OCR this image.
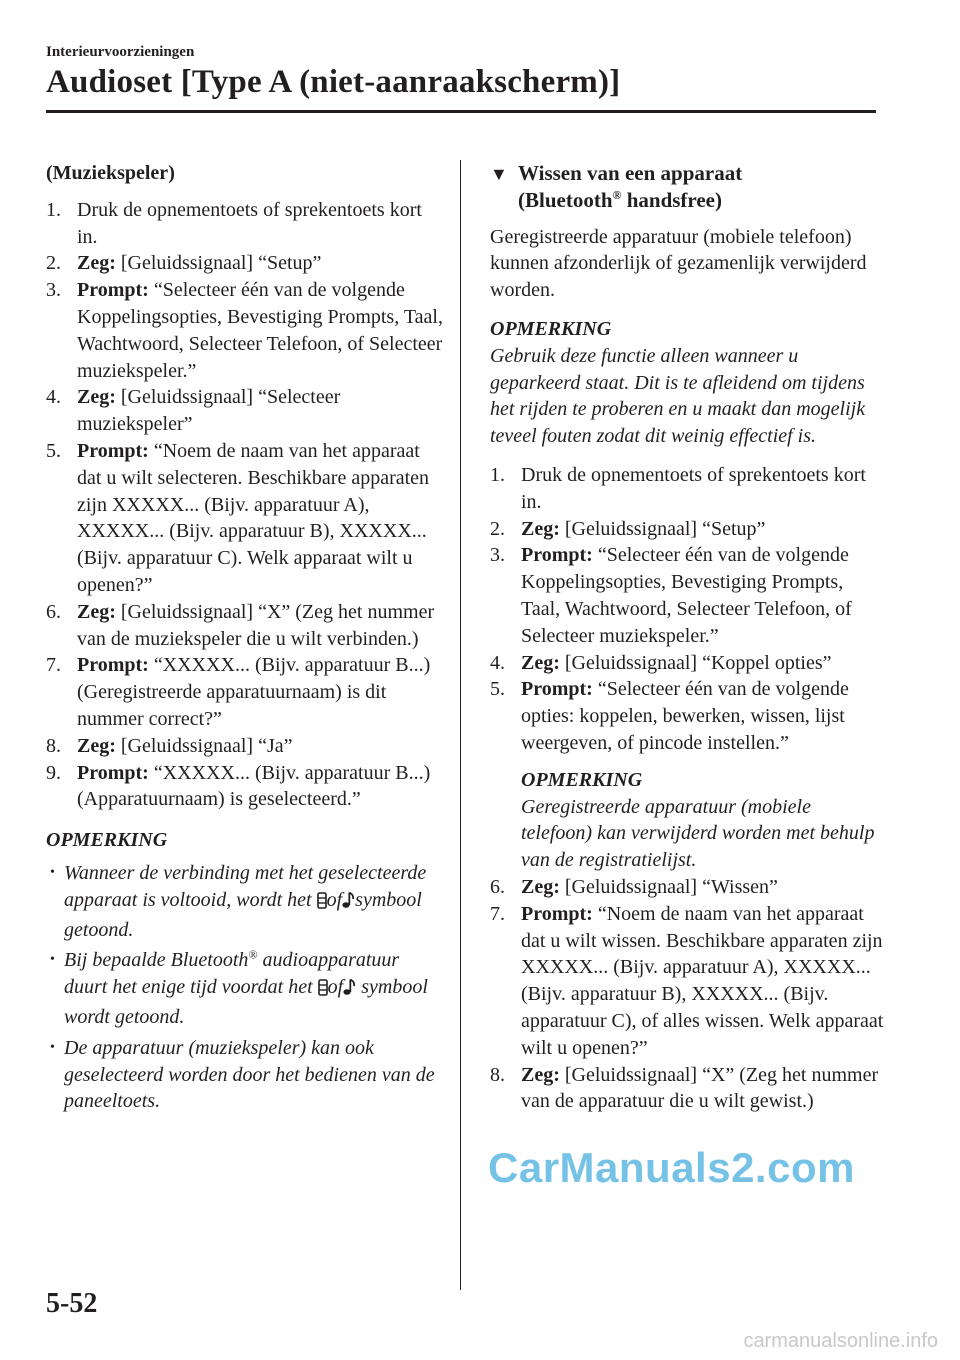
Interieurvoorzieningen
Audioset [Type A (niet-aanraakscherm)]

(Muziekspeler)

1. Druk de opnementoets of sprekentoets kort in.
2. Zeg: [Geluidssignaal] “Setup”
3. Prompt: “Selecteer één van de volgende Koppelingsopties, Bevestiging Prompts, Taal, Wachtwoord, Selecteer Telefoon, of Selecteer muziekspeler.”
4. Zeg: [Geluidssignaal] “Selecteer muziekspeler”
5. Prompt: “Noem de naam van het apparaat dat u wilt selecteren. Beschikbare apparaten zijn XXXXX... (Bijv. apparatuur A), XXXXX... (Bijv. apparatuur B), XXXXX... (Bijv. apparatuur C). Welk apparaat wilt u openen?”
6. Zeg: [Geluidssignaal] “X” (Zeg het nummer van de muziekspeler die u wilt verbinden.)
7. Prompt: “XXXXX... (Bijv. apparatuur B...) (Geregistreerde apparatuurnaam) is dit nummer correct?”
8. Zeg: [Geluidssignaal] “Ja”
9. Prompt: “XXXXX... (Bijv. apparatuur B...) (Apparatuurnaam) is geselecteerd.”

OPMERKING

• Wanneer de verbinding met het geselecteerde apparaat is voltooid, wordt het of symbool getoond.
• Bij bepaalde Bluetooth® audioapparatuur duurt het enige tijd voordat het of symbool wordt getoond.
• De apparatuur (muziekspeler) kan ook geselecteerd worden door het bedienen van de paneeltoets.
▼ Wissen van een apparaat
(Bluetooth® handsfree)

Geregistreerde apparatuur (mobiele telefoon) kunnen afzonderlijk of gezamenlijk verwijderd worden.

OPMERKING

Gebruik deze functie alleen wanneer u geparkeerd staat. Dit is te afleidend om tijdens het rijden te proberen en u maakt dan mogelijk teveel fouten zodat dit weinig effectief is.

1. Druk de opnementoets of sprekentoets kort in.
2. Zeg: [Geluidssignaal] “Setup”
3. Prompt: “Selecteer één van de volgende Koppelingsopties, Bevestiging Prompts, Taal, Wachtwoord, Selecteer Telefoon, of Selecteer muziekspeler.”
4. Zeg: [Geluidssignaal] “Koppel opties”
5. Prompt: “Selecteer één van de volgende opties: koppelen, bewerken, wissen, lijst weergeven, of pincode instellen.”

OPMERKING

Geregistreerde apparatuur (mobiele telefoon) kan verwijderd worden met behulp van de registratielijst.

6. Zeg: [Geluidssignaal] “Wissen”
7. Prompt: “Noem de naam van het apparaat dat u wilt wissen. Beschikbare apparaten zijn XXXXX... (Bijv. apparatuur A), XXXXX... (Bijv. apparatuur B), XXXXX... (Bijv. apparatuur C), of alles wissen. Welk apparaat wilt u openen?”
8. Zeg: [Geluidssignaal] “X” (Zeg het nummer van de apparatuur die u wilt gewist.)
5-52
CarManuals2.com
carmanualsonline.info
